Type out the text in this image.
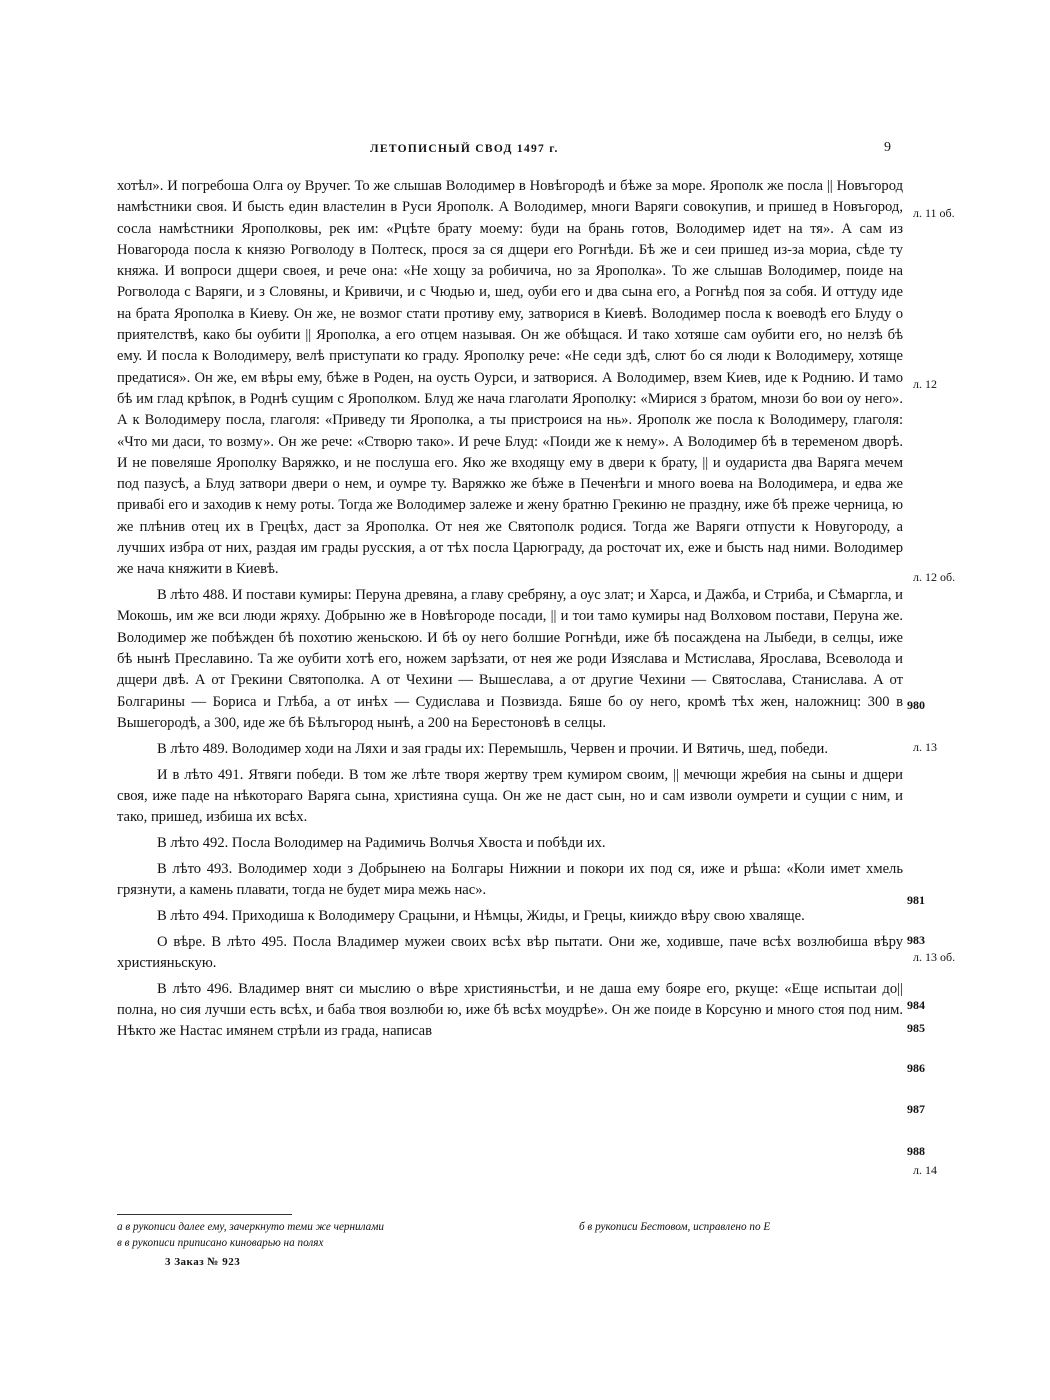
ЛЕТОПИСНЫЙ СВОД 1497 г.	9

хотѣл». И погребоша Олга оу Вручег. То же слышав Володимер в Новѣгородѣ и бѣже за море. Ярополк же посла || Новъгород намѣстники своя. И бысть един властелин в Руси Ярополк. А Володимер, многи Варяги совокупив, и пришед в Новъгород, сосла намѣстники Ярополковы, рек им: «Рцѣте брату моему: буди на брань готов, Володимер идет на тя». А сам из Новагорода посла к князю Рогволоду в Полтеск, прося за ся дщери его Рогнѣди. Бѣ же и сеи пришед из-за мориа, сѣде ту княжа. И вопроси дщери своея, и рече она: «Не хощу за робичича, но за Ярополка». То же слышав Володимер, поиде на Рогволода с Варяги, и з Словяны, и Кривичи, и с Чюдью и, шед, оуби его и два сына его, а Рогнѣд поя за собя. И оттуду иде на брата Ярополка в Киеву. Он же, не возмог стати противу ему, затворися в Киевѣ. Володимер посла к воеводѣ его Блуду о приятелствѣ, како бы оубити || Ярополка, а его отцем называя. Он же обѣщася. И тако хотяше сам оубити его, но нелзѣ бѣ ему. И посла к Володимеру, велѣ приступати ко граду. Ярополку рече: «Не седи здѣ, слют бо ся люди к Володимеру, хотяще предатися». Он же, ем вѣры ему, бѣже в Роден, на оусть Оурси, и затворися. А Володимер, взем Киев, иде к Роднию. И тамо бѣ им глад крѣпок, в Роднѣ сущим с Ярополком. Блуд же нача глаголати Ярополку: «Мирися з братом, мнози бо вои оу него». А к Володимеру посла, глаголя: «Приведу ти Ярополка, а ты пристроися на нь». Ярополк же посла к Володимеру, глаголя: «Что ми даси, то возму». Он же рече: «Створю тако». И рече Блуд: «Поиди же к нему». А Володимер бѣ в теременом дворѣ. И не повеляше Ярополку Варяжко, и не послуша его. Яко же входящу ему в двери к брату, || и оудариста два Варяга мечем под пазусѣ, а Блуд затвори двери о нем, и оумре ту. Варяжко же бѣже в Печенѣги и много воева на Володимера, и едва же привабi его и заходив к нему роты. Тогда же Володимер залеже и жену братню Грекиню не праздну, иже бѣ прежe черница, ю же плѣнив отец их в Грецѣх, даст за Ярополка. От нея же Святополк родися. Тогда же Варяги отпусти к Новугороду, а лучших избра от них, раздая им грады русския, а от тѣх посла Царюграду, да росточат их, еже и бысть над ними. Володимер же нача княжити в Киевѣ.

В лѣто 488. И постави кумиры: Перуна древяна, а главу сребряну, а оус злат; и Харса, и Дажба, и Стриба, и Сѣмаргла, и Мокошь, им же вси люди жряху. Добрыню же в Новѣгороде посади, || и тои тамо кумиры над Волховом постави, Перуна же. Володимер же побѣжден бѣ похотию женьскою. И бѣ оу него болшие Рогнѣди, иже бѣ посаждена на Лыбеди, в селцы, иже бѣ нынѣ Преславино. Та же оубити хотѣ его, ножем зарѣзати, от нея же роди Изяслава и Мстислава, Ярослава, Всеволода и дщери двѣ. А от Грекини Святополка. А от Чехини — Вышеслава, а от другие Чехини — Святослава, Станислава. А от Болгарины — Бориса и Глѣба, а от инѣх — Судислава и Позвизда. Бяше бо оу него, кромѣ тѣх жен, наложниц: 300 в Вышегородѣ, а 300, иде же бѣ Бѣлъгород нынѣ, а 200 на Берестоновѣ в селцы.

В лѣто 489. Володимер ходи на Ляхи и зая грады их: Перемышль, Червен и прочии. И Вятичь, шед, победи.

И в лѣто 491. Ятвяги победи. В том же лѣте творя жертву трем кумиром своим, || мечющи жребия на сыны и дщери своя, иже паде на нѣкотораго Варяга сына, християна суща. Он же не даст сын, но и сам изволи оумрети и сущии с ним, и тако, пришед, избиша их всѣх.

В лѣто 492. Посла Володимер на Радимичь Волчья Хвоста и побѣди их.

В лѣто 493. Володимер ходи з Добрынею на Болгары Нижнии и покори их под ся, иже и рѣша: «Коли имет хмель грязнути, а камень плавати, тогда не будет мира межь нас».

В лѣто 494. Приходиша к Володимеру Срацыни, и Нѣмцы, Жиды, и Грецы, кииждо вѣру свою хваляще.

О вѣре. В лѣто 495. Посла Владимер мужеи своих всѣх вѣр пытати. Они же, ходивше, паче всѣх возлюбиша вѣру християньскую.

В лѣто 496. Владимер внят си мыслию о вѣре християньстѣи, и не даша ему бояре его, ркуще: «Еще испытаи до||полна, но сия лучши есть всѣх, и баба твоя возлюби ю, иже бѣ всѣх моудрѣе». Он же поиде в Корсуню и много стоя под ним. Нѣкто же Настас имянем стрѣли из града, написав

л. 11 об.
л. 12
л. 12 об.
л. 13
л. 13 об.
л. 14
980
981
983
984
985
986
987
988
а в рукописи далее ему, зачеркнуто теми же чернилами	б в рукописи Бестовом, исправлено по Е
в в рукописи приписано киноварью на полях
3 Заказ № 923
